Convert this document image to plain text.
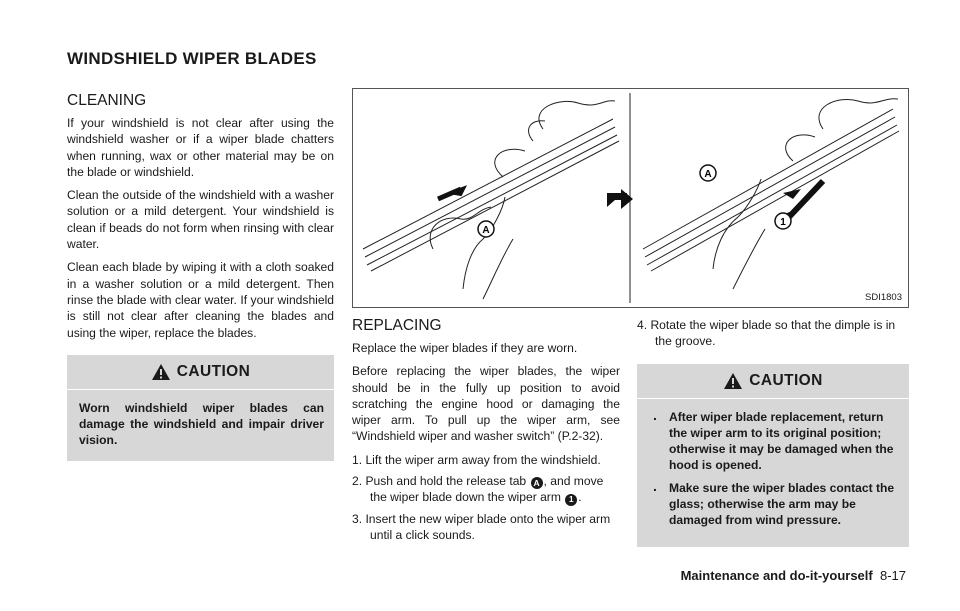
WINDSHIELD WIPER BLADES
CLEANING

If your windshield is not clear after using the windshield washer or if a wiper blade chatters when running, wax or other material may be on the blade or windshield.

Clean the outside of the windshield with a washer solution or a mild detergent. Your windshield is clean if beads do not form when rinsing with clear water.

Clean each blade by wiping it with a cloth soaked in a washer solution or a mild detergent. Then rinse the blade with clear water. If your windshield is still not clear after cleaning the blades and using the wiper, replace the blades.

CAUTION
Worn windshield wiper blades can damage the windshield and impair driver vision.
A
A
1
SDI1803
REPLACING

Replace the wiper blades if they are worn.

Before replacing the wiper blades, the wiper should be in the fully up position to avoid scratching the engine hood or damaging the wiper arm. To pull up the wiper arm, see “Windshield wiper and washer switch” (P.2-32).

1. Lift the wiper arm away from the windshield.
2. Push and hold the release tab A , and move the wiper blade down the wiper arm 1 .
3. Insert the new wiper blade onto the wiper arm until a click sounds.
4. Rotate the wiper blade so that the dimple is in the groove.
CAUTION
. After wiper blade replacement, return the wiper arm to its original position; otherwise it may be damaged when the hood is opened.
. Make sure the wiper blades contact the glass; otherwise the arm may be damaged from wind pressure.
Maintenance and do-it-yourself 8-17
